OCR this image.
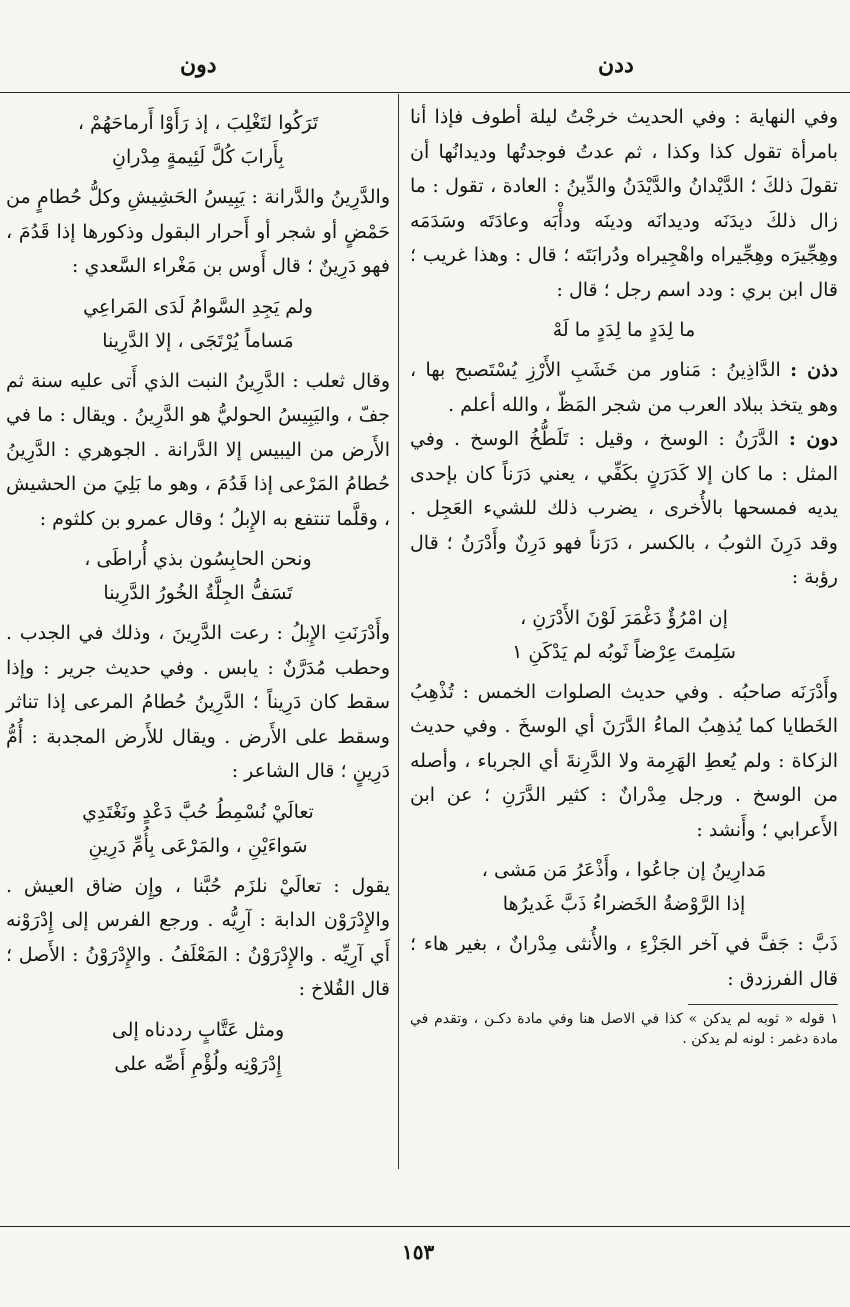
دون	ددن

وفي النهاية : وفي الحديث خرجْتُ ليلة أطوف فإذا أنا بامرأة تقول كذا وكذا ، ثم عدتُ فوجدتُها وديدانُها أن تقولَ ذلكَ ؛ الدَّيْدانُ والدَّيْدَنُ والدِّينُ : العادة ، تقول : ما زال ذلكَ ديدَنَه وديدانَه ودينَه ودأْبَه وعادَتَه وسَدَمَه وهِجِّيرَه وهِجِّيراه واهْجِيراه ودُرابَتَه ؛ قال : وهذا غريب ؛ قال ابن بري : ودد اسم رجل ؛ قال :

ما لِدَدٍ ما لِدَدٍ ما لَهْ

دذن : الدَّاذِينُ : مَناور من خَشَبِ الأَرْزِ يُسْتَصبح بها ، وهو يتخذ ببلاد العرب من شجر المَظّ ، والله أعلم .

دون : الدَّرَنُ : الوسخ ، وقيل : تَلَطُّخُ الوسخ . وفي المثل : ما كان إلا كَدَرَنٍ بكَفِّي ، يعني دَرَناً كان بإحدى يديه فمسحها بالأُخرى ، يضرب ذلك للشيء العَجِل . وقد دَرِنَ الثوبُ ، بالكسر ، دَرَناً فهو دَرِنٌ وأَدْرَنُ ؛ قال رؤبة :

إن امْرُؤٌ دَغْمَرَ لَوْنَ الأَدْرَنِ ،
سَلِمتَ عِرْضاً ثَوبُه لم يَدْكَنِ ١

وأَدْرَنَه صاحبُه . وفي حديث الصلوات الخمس : تُذْهِبُ الخَطايا كما يُذهِبُ الماءُ الدَّرَنَ أي الوسخَ . وفي حديث الزكاة : ولم يُعطِ الهَرِمة ولا الدَّرِنةَ أي الجرباء ، وأصله من الوسخ . ورجل مِدْرانٌ : كثير الدَّرَنِ ؛ عن ابن الأَعرابي ؛ وأَنشد :

مَدارِينُ إن جاعُوا ، وأَذْعَرُ مَن مَشى ،
إذا الرَّوْضةُ الخَضراءُ ذَبَّ غَديرُها

ذَبَّ : جَفَّ في آخر الجَزْءِ ، والأُنثى مِدْرانٌ ، بغير هاء ؛ قال الفرزدق :

١ قوله « ثوبه لم يدكن » كذا في الاصل هنا وفي مادة دكـن ، وتقدم في مادة دغمر : لونه لم يدكن .

تَرَكُوا لتَغْلِبَ ، إذ رَأَوْا أَرماحَهُمْ ،
بِأَرابَ كُلَّ لَئِيمةٍ مِدْرانِ

والدَّرِينُ والدَّرانة : يَبِيسُ الحَشِيشِ وكلُّ حُطامٍ من حَمْضٍ أو شجر أو أَحرار البقول وذكورها إذا قَدُمَ ، فهو دَرِينٌ ؛ قال أَوس بن مَغْراء السَّعدي :

ولم يَجِدِ السَّوامُ لَدَى المَراعِي
مَساماً يُرْتَجَى ، إلا الدَّرِينا

وقال ثعلب : الدَّرِينُ النبت الذي أَتى عليه سنة ثم جفّ ، واليَبِيسُ الحوليُّ هو الدَّرِينُ . ويقال : ما في الأَرض من اليبيس إلا الدَّرانة . الجوهري : الدَّرِينُ حُطامُ المَرْعى إذا قَدُمَ ، وهو ما بَلِيَ من الحشيش ، وقلَّما تنتفع به الإِبلُ ؛ وقال عمرو بن كلثوم :

ونحن الحابِسُون بذي أُراطَى ،
تَسَفُّ الجِلَّةُ الخُورُ الدَّرِينا

وأَدْرَنَتِ الإِبلُ : رعت الدَّرِينَ ، وذلك في الجدب . وحطب مُدَرَّنٌ : يابس . وفي حديث جرير : وإذا سقط كان دَرِيناً ؛ الدَّرِينُ حُطامُ المرعى إذا تناثر وسقط على الأَرض . ويقال للأَرض المجدبة : أُمُّ دَرِينٍ ؛ قال الشاعر :

تعالَيْ نُسْمِطُ حُبَّ دَعْدٍ ونَغْتَدِي
سَواءَيْنِ ، والمَرْعَى بِأُمِّ دَرِينِ

يقول : تعالَيْ نلزَم حُبَّنا ، وإِن ضاق العيش . والإِدْرَوْن الدابة : آرِيُّه . ورجع الفرس إلى إِدْرَوْنه أَي آرِيِّه . والإِدْرَوْنُ : المَعْلَفُ . والإِدْرَوْنُ : الأَصل ؛ قال القُلاخ :

ومثل عَتَّابٍ رددناه إلى
إِدْرَوْنِه ولُؤْمِ أَصِّه على
١٥٣
